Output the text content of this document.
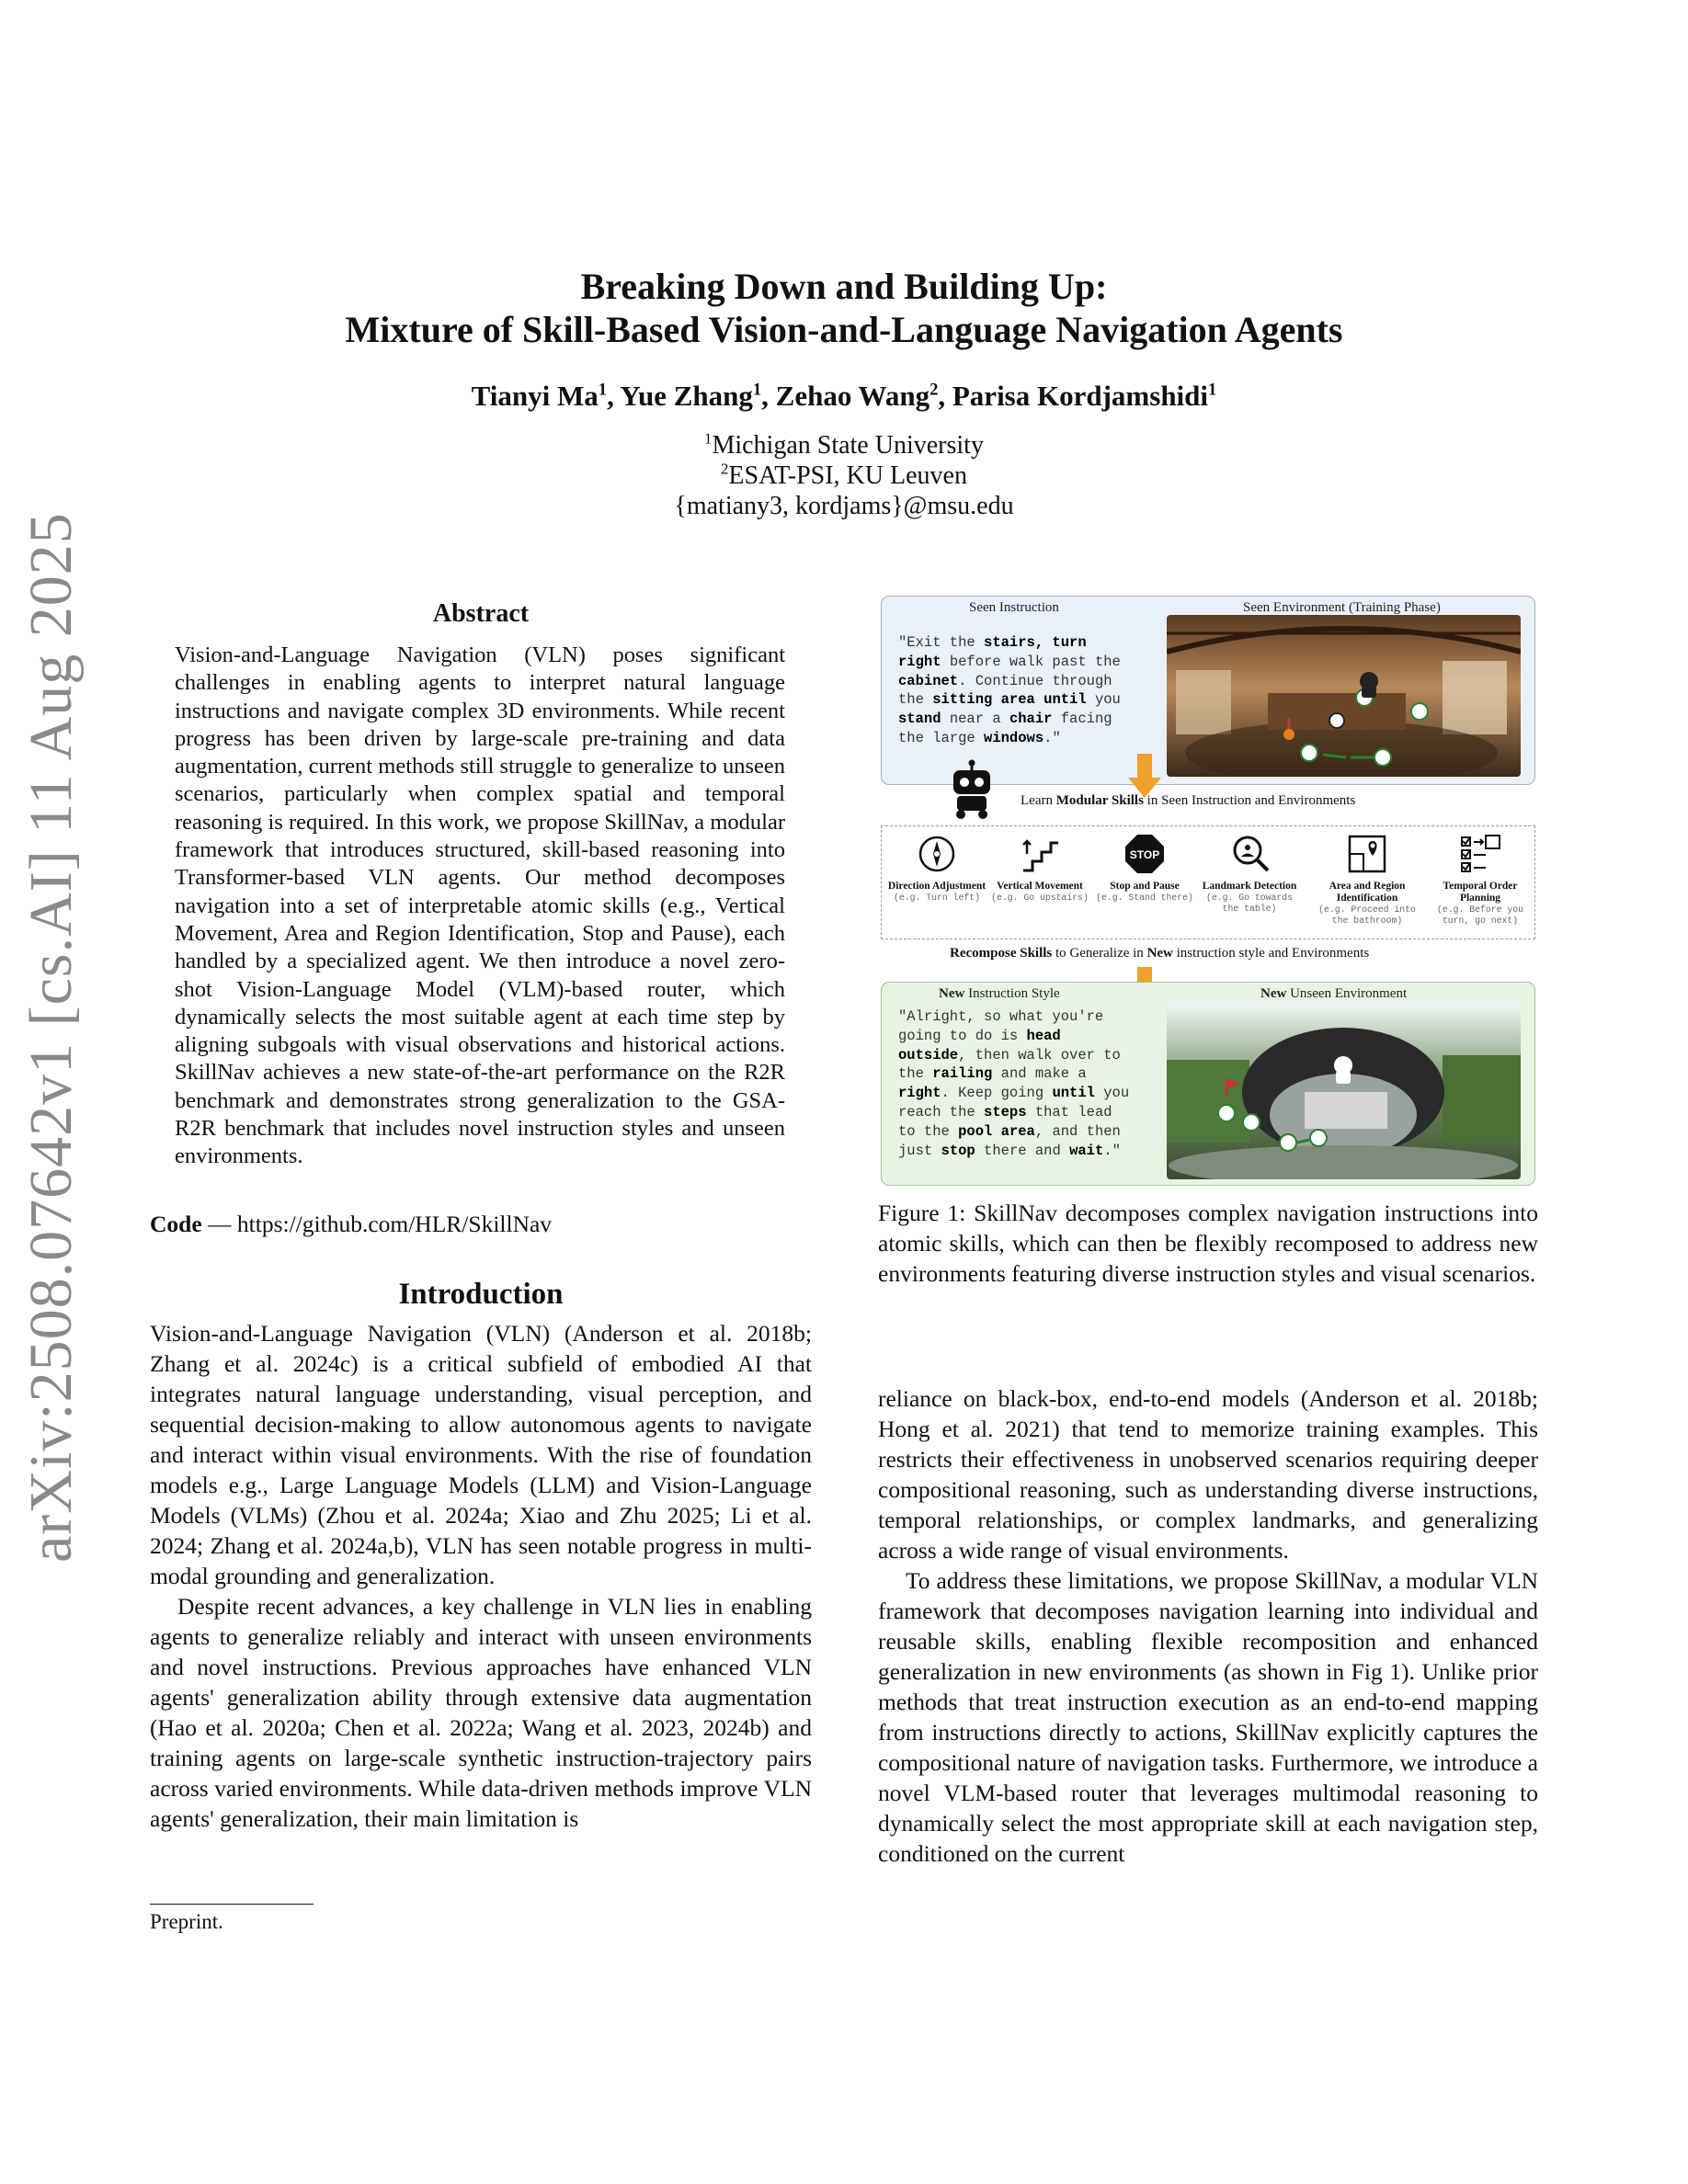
Breaking Down and Building Up:
Mixture of Skill-Based Vision-and-Language Navigation Agents
Tianyi Ma$^1$, Yue Zhang$^1$, Zehao Wang$^2$, Parisa Kordjamshidi$^1$
$^1$Michigan State University
$^2$ESAT-PSI, KU Leuven
{matiany3, kordjams}@msu.edu
arXiv:2508.07642v1 [cs.AI] 11 Aug 2025	Abstract
Vision-and-Language Navigation (VLN) poses significant challenges in enabling agents to interpret natural language instructions and navigate complex 3D environments. While recent progress has been driven by large-scale pre-training and data augmentation, current methods still struggle to generalize to unseen scenarios, particularly when complex spatial and temporal reasoning is required. In this work, we propose SkillNav, a modular framework that introduces structured, skill-based reasoning into Transformer-based VLN agents. Our method decomposes navigation into a set of interpretable atomic skills (e.g., Vertical Movement, Area and Region Identification, Stop and Pause), each handled by a specialized agent. We then introduce a novel zero-shot Vision-Language Model (VLM)-based router, which dynamically selects the most suitable agent at each time step by aligning subgoals with visual observations and historical actions. SkillNav achieves a new state-of-the-art performance on the R2R benchmark and demonstrates strong generalization to the GSA-R2R benchmark that includes novel instruction styles and unseen environments.
Code — https://github.com/HLR/SkillNav
Introduction

Vision-and-Language Navigation (VLN) (Anderson et al. 2018b; Zhang et al. 2024c) is a critical subfield of embodied AI that integrates natural language understanding, visual perception, and sequential decision-making to allow autonomous agents to navigate and interact within visual environments. With the rise of foundation models e.g., Large Language Models (LLM) and Vision-Language Models (VLMs) (Zhou et al. 2024a; Xiao and Zhu 2025; Li et al. 2024; Zhang et al. 2024a,b), VLN has seen notable progress in multi-modal grounding and generalization.

Despite recent advances, a key challenge in VLN lies in enabling agents to generalize reliably and interact with unseen environments and novel instructions. Previous approaches have enhanced VLN agents' generalization ability through extensive data augmentation (Hao et al. 2020a; Chen et al. 2022a; Wang et al. 2023, 2024b) and training agents on large-scale synthetic instruction-trajectory pairs across varied environments. While data-driven methods improve VLN agents' generalization, their main limitation is

Preprint.
Seen Instruction	Seen Environment (Training Phase)
"Exit the stairs, turn
right before walk past the
cabinet. Continue through
the sitting area until you
stand near a chair facing
the large windows."
Learn Modular Skills in Seen Instruction and Environments
Direction Adjustment
(e.g. Turn left)
Vertical Movement
(e.g. Go upstairs)
STOP
Stop and Pause
(e.g. Stand there)
Landmark Detection
(e.g. Go towards the table)
Area and Region Identification
(e.g. Proceed into the bathroom)
Temporal Order Planning
(e.g. Before you turn, go next)
Recompose Skills to Generalize in New instruction style and Environments
New Instruction Style	New Unseen Environment
"Alright, so what you're
going to do is head
outside, then walk over to
the railing and make a
right. Keep going until you
reach the steps that lead
to the pool area, and then
just stop there and wait."
Figure 1: SkillNav decomposes complex navigation instructions into atomic skills, which can then be flexibly recomposed to address new environments featuring diverse instruction styles and visual scenarios.

reliance on black-box, end-to-end models (Anderson et al. 2018b; Hong et al. 2021) that tend to memorize training examples. This restricts their effectiveness in unobserved scenarios requiring deeper compositional reasoning, such as understanding diverse instructions, temporal relationships, or complex landmarks, and generalizing across a wide range of visual environments.

To address these limitations, we propose SkillNav, a modular VLN framework that decomposes navigation learning into individual and reusable skills, enabling flexible recomposition and enhanced generalization in new environments (as shown in Fig 1). Unlike prior methods that treat instruction execution as an end-to-end mapping from instructions directly to actions, SkillNav explicitly captures the compositional nature of navigation tasks. Furthermore, we introduce a novel VLM-based router that leverages multimodal reasoning to dynamically select the most appropriate skill at each navigation step, conditioned on the current
